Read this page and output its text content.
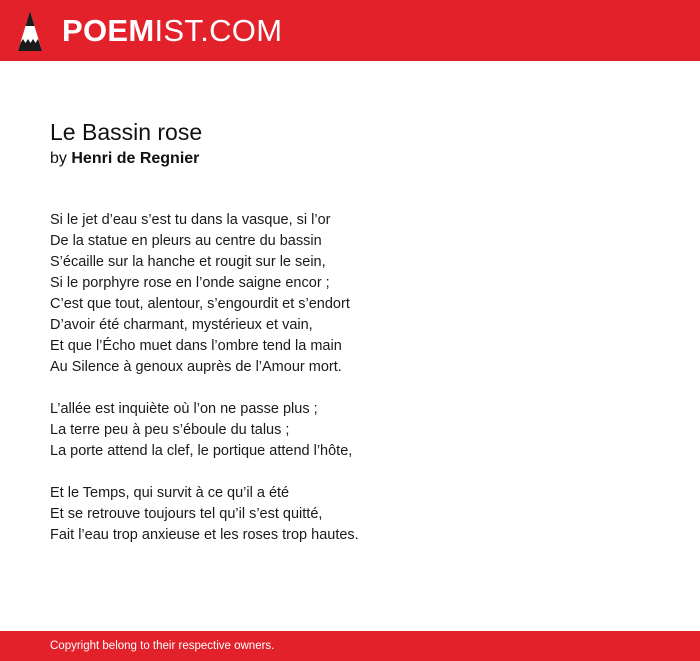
POEMIST.COM
Le Bassin rose
by Henri de Regnier
Si le jet d’eau s’est tu dans la vasque, si l’or
De la statue en pleurs au centre du bassin
S’écaille sur la hanche et rougit sur le sein,
Si le porphyre rose en l’onde saigne encor ;
C’est que tout, alentour, s’engourdit et s’endort
D’avoir été charmant, mystérieux et vain,
Et que l’Écho muet dans l’ombre tend la main
Au Silence à genoux auprès de l’Amour mort.
L’allée est inquiète où l’on ne passe plus ;
La terre peu à peu s’éboule du talus ;
La porte attend la clef, le portique attend l’hôte,
Et le Temps, qui survit à ce qu’il a été
Et se retrouve toujours tel qu’il s’est quitté,
Fait l’eau trop anxieuse et les roses trop hautes.
Copyright belong to their respective owners.
